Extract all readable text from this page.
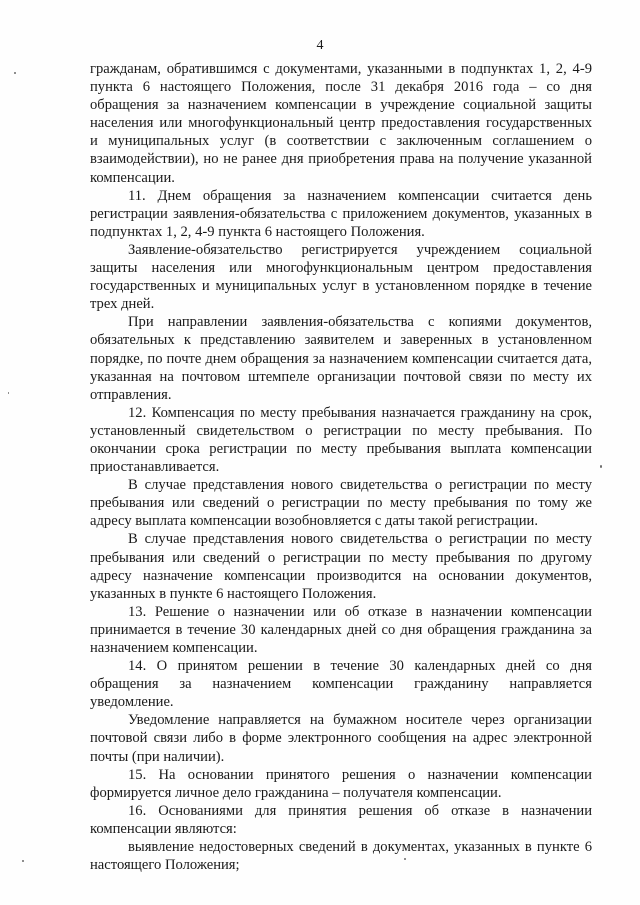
4

гражданам, обратившимся с документами, указанными в подпунктах 1, 2, 4-9 пункта 6 настоящего Положения, после 31 декабря 2016 года – со дня обращения за назначением компенсации в учреждение социальной защиты населения или многофункциональный центр предоставления государственных и муниципальных услуг (в соответствии с заключенным соглашением о взаимодействии), но не ранее дня приобретения права на получение указанной компенсации.

11. Днем обращения за назначением компенсации считается день регистрации заявления-обязательства с приложением документов, указанных в подпунктах 1, 2, 4-9 пункта 6 настоящего Положения.

Заявление-обязательство регистрируется учреждением социальной защиты населения или многофункциональным центром предоставления государственных и муниципальных услуг в установленном порядке в течение трех дней.

При направлении заявления-обязательства с копиями документов, обязательных к представлению заявителем и заверенных в установленном порядке, по почте днем обращения за назначением компенсации считается дата, указанная на почтовом штемпеле организации почтовой связи по месту их отправления.

12. Компенсация по месту пребывания назначается гражданину на срок, установленный свидетельством о регистрации по месту пребывания. По окончании срока регистрации по месту пребывания выплата компенсации приостанавливается.

В случае представления нового свидетельства о регистрации по месту пребывания или сведений о регистрации по месту пребывания по тому же адресу выплата компенсации возобновляется с даты такой регистрации.

В случае представления нового свидетельства о регистрации по месту пребывания или сведений о регистрации по месту пребывания по другому адресу назначение компенсации производится на основании документов, указанных в пункте 6 настоящего Положения.

13. Решение о назначении или об отказе в назначении компенсации принимается в течение 30 календарных дней со дня обращения гражданина за назначением компенсации.

14. О принятом решении в течение 30 календарных дней со дня обращения за назначением компенсации гражданину направляется уведомление.

Уведомление направляется на бумажном носителе через организации почтовой связи либо в форме электронного сообщения на адрес электронной почты (при наличии).

15. На основании принятого решения о назначении компенсации формируется личное дело гражданина – получателя компенсации.

16. Основаниями для принятия решения об отказе в назначении компенсации являются:

выявление недостоверных сведений в документах, указанных в пункте 6 настоящего Положения;
